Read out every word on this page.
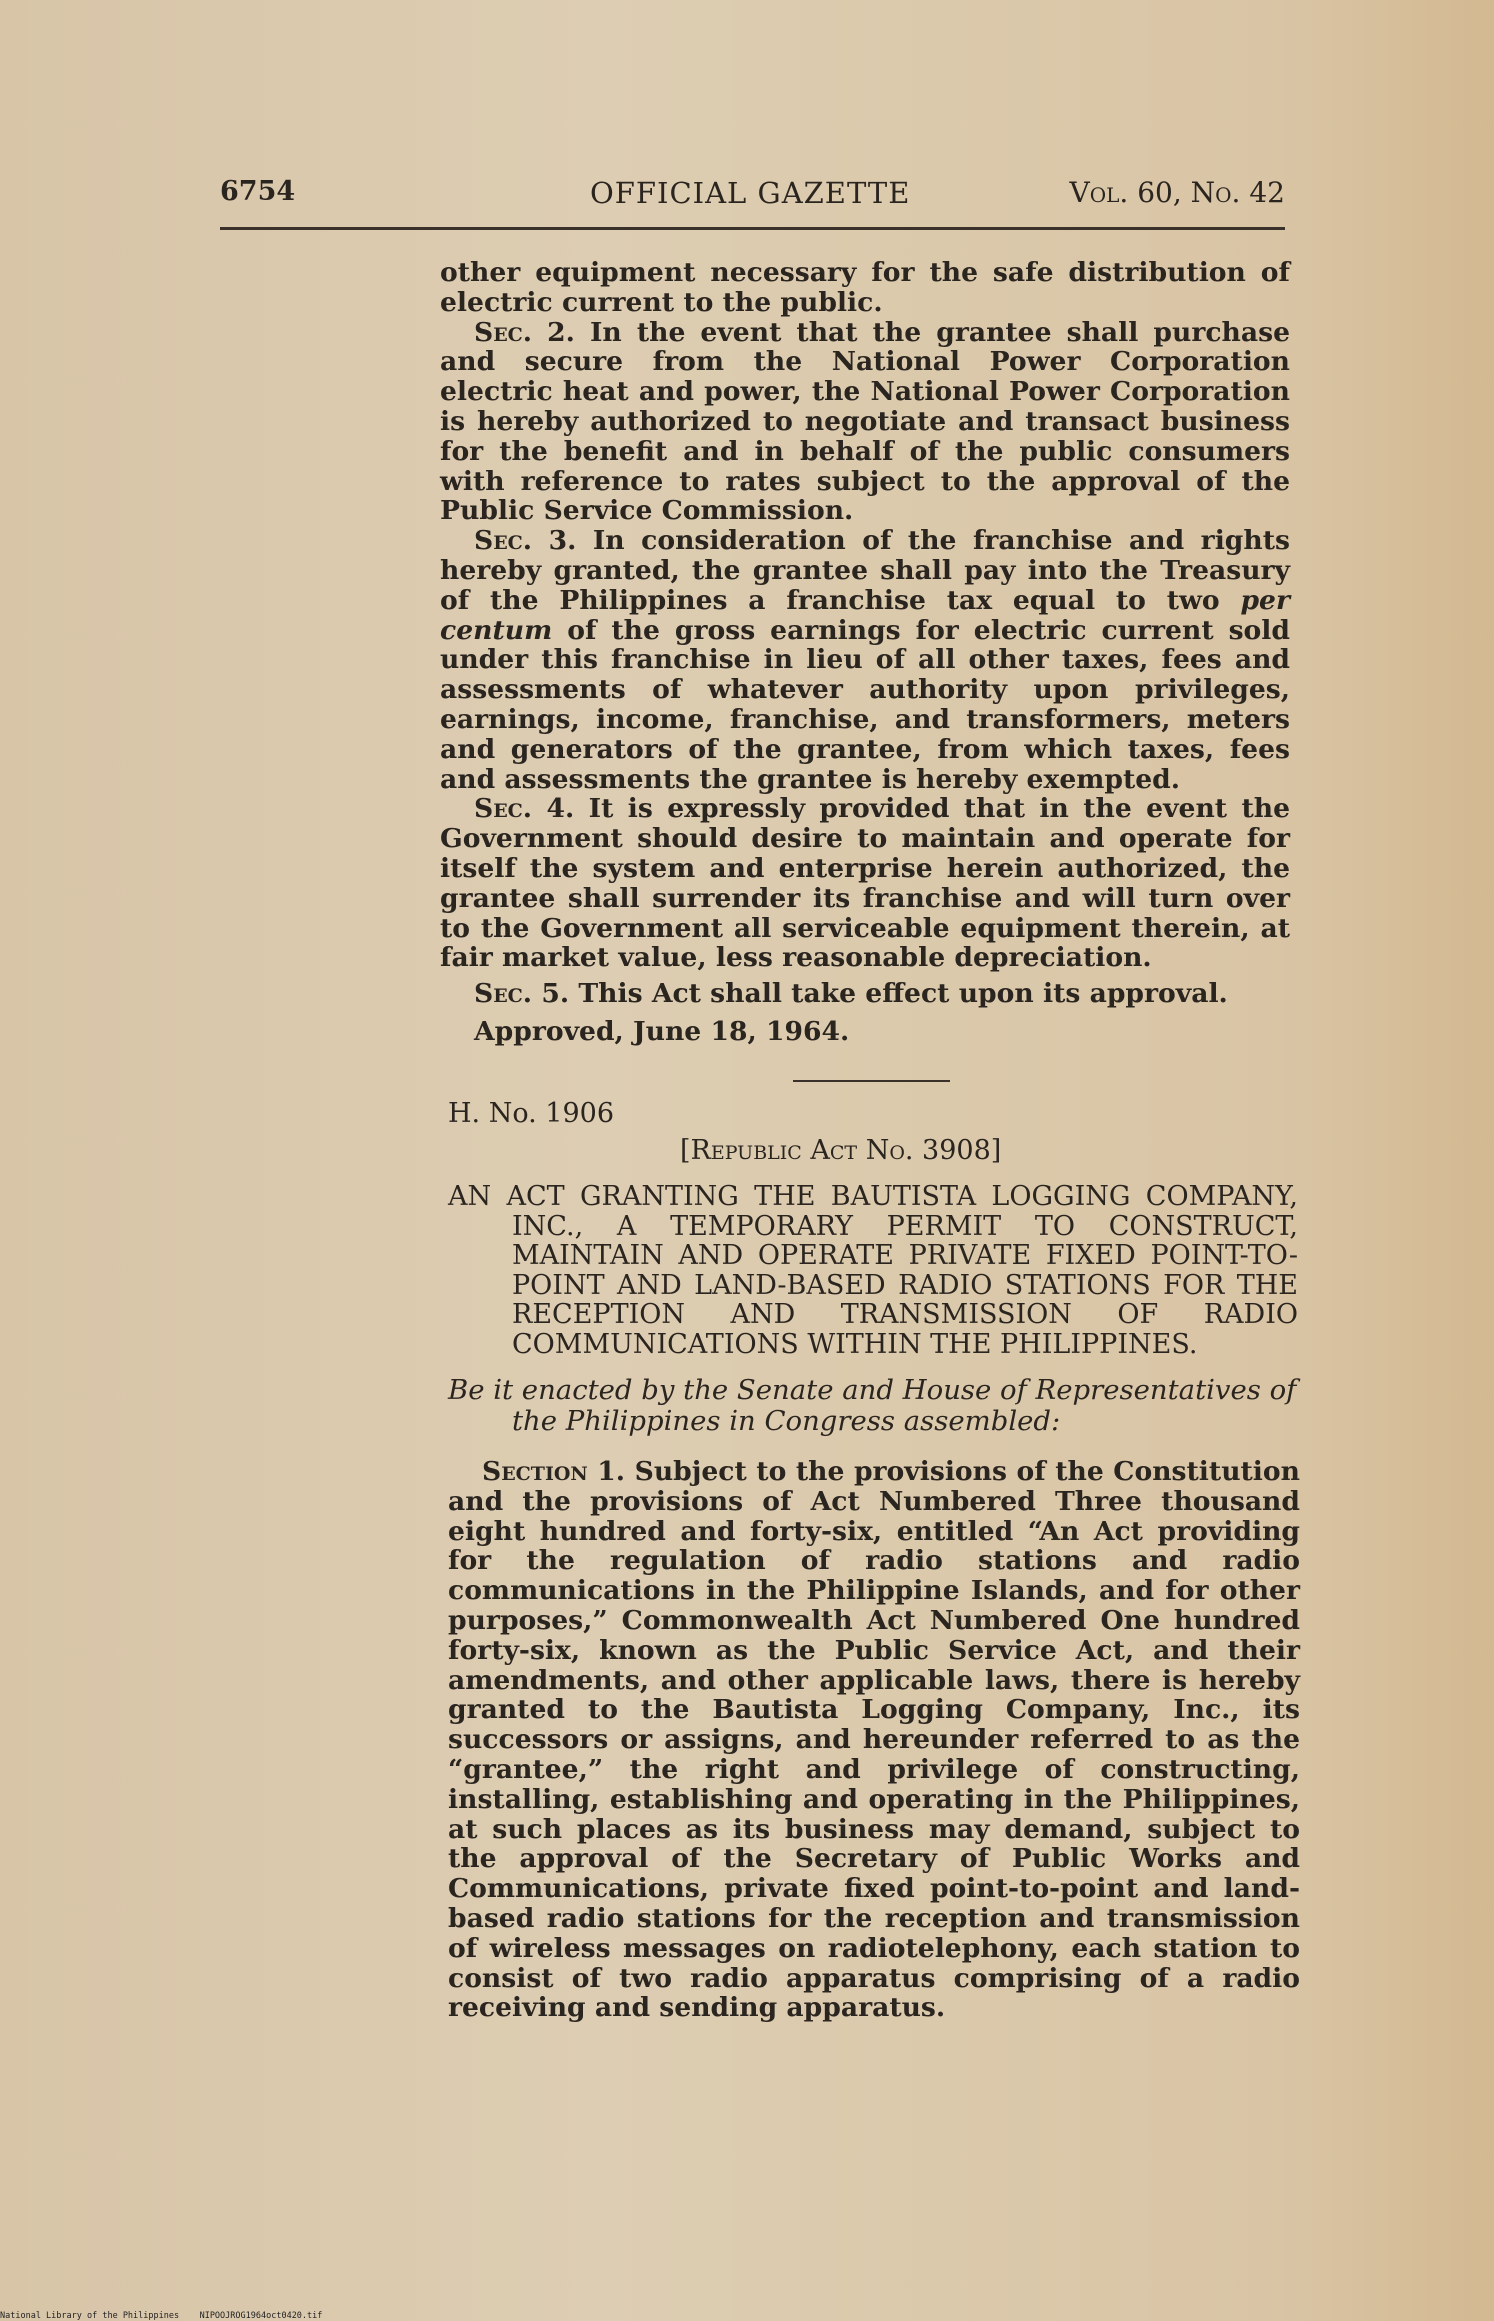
6754	OFFICIAL GAZETTE	Vol. 60, No. 42

other equipment necessary for the safe distribution of electric current to the public.

Sec. 2. In the event that the grantee shall purchase and secure from the National Power Corporation electric heat and power, the National Power Corporation is hereby authorized to negotiate and transact business for the benefit and in behalf of the public consumers with reference to rates subject to the approval of the Public Service Commission.

Sec. 3. In consideration of the franchise and rights hereby granted, the grantee shall pay into the Treasury of the Philippines a franchise tax equal to two per centum of the gross earnings for electric current sold under this franchise in lieu of all other taxes, fees and assessments of whatever authority upon privileges, earnings, income, franchise, and transformers, meters and generators of the grantee, from which taxes, fees and assessments the grantee is hereby exempted.

Sec. 4. It is expressly provided that in the event the Government should desire to maintain and operate for itself the system and enterprise herein authorized, the grantee shall surrender its franchise and will turn over to the Government all serviceable equipment therein, at fair market value, less reasonable depreciation.

Sec. 5. This Act shall take effect upon its approval.

Approved, June 18, 1964.

H. No. 1906

[Republic Act No. 3908]

AN ACT GRANTING THE BAUTISTA LOGGING COMPANY, INC., A TEMPORARY PERMIT TO CONSTRUCT, MAINTAIN AND OPERATE PRIVATE FIXED POINT-TO-POINT AND LAND-BASED RADIO STATIONS FOR THE RECEPTION AND TRANSMISSION OF RADIO COMMUNICATIONS WITHIN THE PHILIPPINES.

Be it enacted by the Senate and House of Representatives of the Philippines in Congress assembled:

Section 1. Subject to the provisions of the Constitution and the provisions of Act Numbered Three thousand eight hundred and forty-six, entitled “An Act providing for the regulation of radio stations and radio communications in the Philippine Islands, and for other purposes,” Commonwealth Act Numbered One hundred forty-six, known as the Public Service Act, and their amendments, and other applicable laws, there is hereby granted to the Bautista Logging Company, Inc., its successors or assigns, and hereunder referred to as the “grantee,” the right and privilege of constructing, installing, establishing and operating in the Philippines, at such places as its business may demand, subject to the approval of the Secretary of Public Works and Communications, private fixed point-to-point and land-based radio stations for the reception and transmission of wireless messages on radiotelephony, each station to consist of two radio apparatus comprising of a radio receiving and sending apparatus.

National Library of the Philippines    NIPOOJROG1964oct0420.tif
